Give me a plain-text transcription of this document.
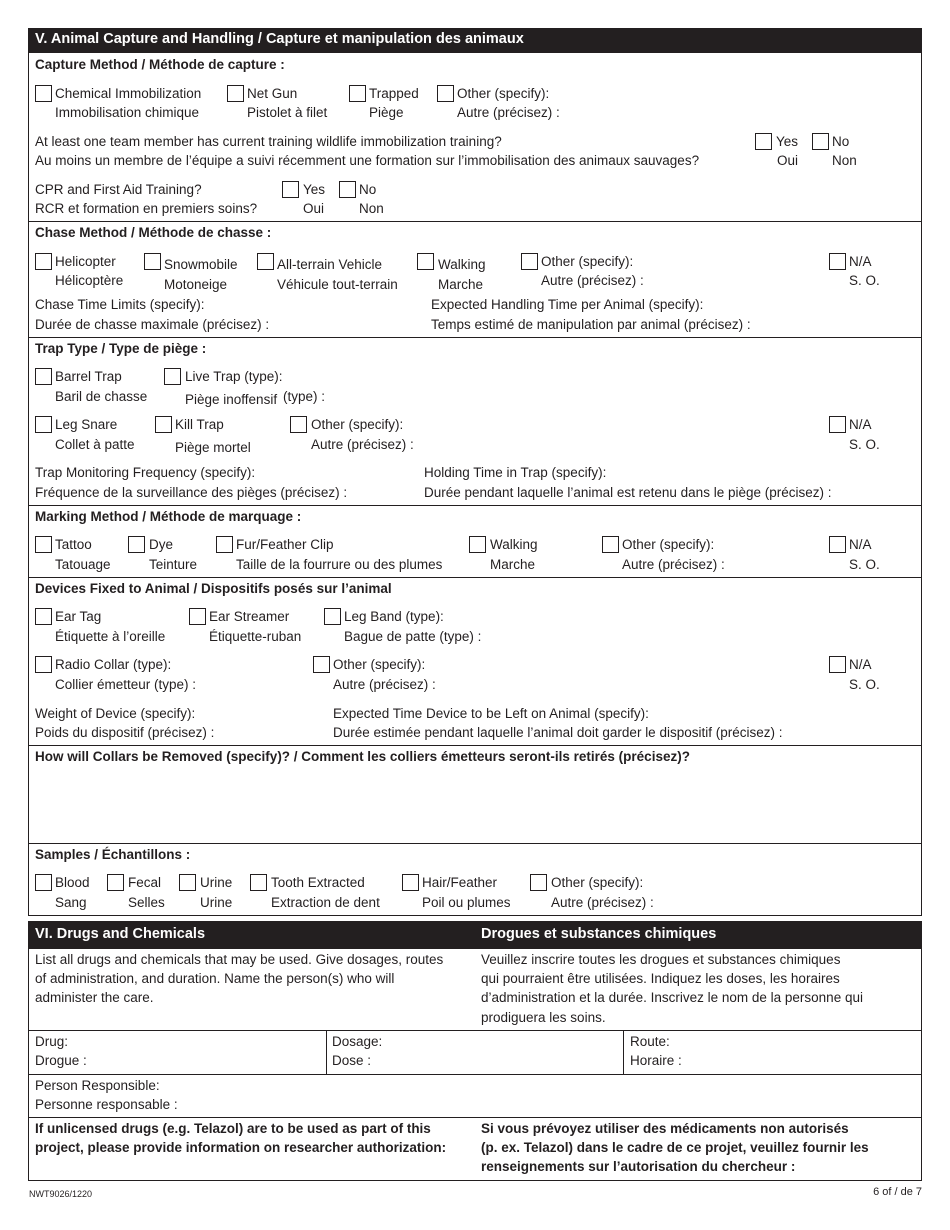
V. Animal Capture and Handling / Capture et manipulation des animaux
Capture Method / Méthode de capture :
Chemical Immobilization
Immobilisation chimique
Net Gun
Pistolet à filet
Trapped
Piège
Other (specify):
Autre (précisez) :
At least one team member has current training wildlife immobilization training?
Au moins un membre de l’équipe a suivi récemment une formation sur l’immobilisation des animaux sauvages?
Yes
Oui
No
Non
CPR and First Aid Training?
RCR et formation en premiers soins?
Yes
Oui
No
Non
Chase Method / Méthode de chasse :
Helicopter
Hélicoptère
Snowmobile
Motoneige
All-terrain Vehicle
Véhicule tout-terrain
Walking
Marche
Other (specify):
Autre (précisez) :
N/A
S. O.
Chase Time Limits (specify):
Durée de chasse maximale (précisez) :
Expected Handling Time per Animal (specify):
Temps estimé de manipulation par animal (précisez) :
Trap Type / Type de piège :
Barrel Trap
Baril de chasse
Live Trap (type):
Piège inoffensif (type) :
Leg Snare
Collet à patte
Kill Trap
Piège mortel
Other (specify):
Autre (précisez) :
N/A
S. O.
Trap Monitoring Frequency (specify):
Fréquence de la surveillance des pièges (précisez) :
Holding Time in Trap (specify):
Durée pendant laquelle l’animal est retenu dans le piège (précisez) :
Marking Method / Méthode de marquage :
Tattoo
Tatouage
Dye
Teinture
Fur/Feather Clip
Taille de la fourrure ou des plumes
Walking
Marche
Other (specify):
Autre (précisez) :
N/A
S. O.
Devices Fixed to Animal / Dispositifs posés sur l’animal
Ear Tag
Étiquette à l’oreille
Ear Streamer
Étiquette-ruban
Leg Band (type):
Bague de patte (type) :
Radio Collar (type):
Collier émetteur (type) :
Other (specify):
Autre (précisez) :
N/A
S. O.
Weight of Device (specify):
Poids du dispositif (précisez) :
Expected Time Device to be Left on Animal (specify):
Durée estimée pendant laquelle l’animal doit garder le dispositif (précisez) :
How will Collars be Removed (specify)? / Comment les colliers émetteurs seront-ils retirés (précisez)?
Samples / Échantillons :
Blood
Sang
Fecal
Selles
Urine
Urine
Tooth Extracted
Extraction de dent
Hair/Feather
Poil ou plumes
Other (specify):
Autre (précisez) :
VI. Drugs and Chemicals	Drogues et substances chimiques
List all drugs and chemicals that may be used. Give dosages, routes
of administration, and duration. Name the person(s) who will
administer the care.
Veuillez inscrire toutes les drogues et substances chimiques
qui pourraient être utilisées. Indiquez les doses, les horaires
d’administration et la durée. Inscrivez le nom de la personne qui
prodiguera les soins.
Drug:
Drogue :
Dosage:
Dose :
Route:
Horaire :
Person Responsible:
Personne responsable :
If unlicensed drugs (e.g. Telazol) are to be used as part of this
project, please provide information on researcher authorization:
Si vous prévoyez utiliser des médicaments non autorisés
(p. ex. Telazol) dans le cadre de ce projet, veuillez fournir les
renseignements sur l’autorisation du chercheur :
NWT9026/1220	6 of / de 7
